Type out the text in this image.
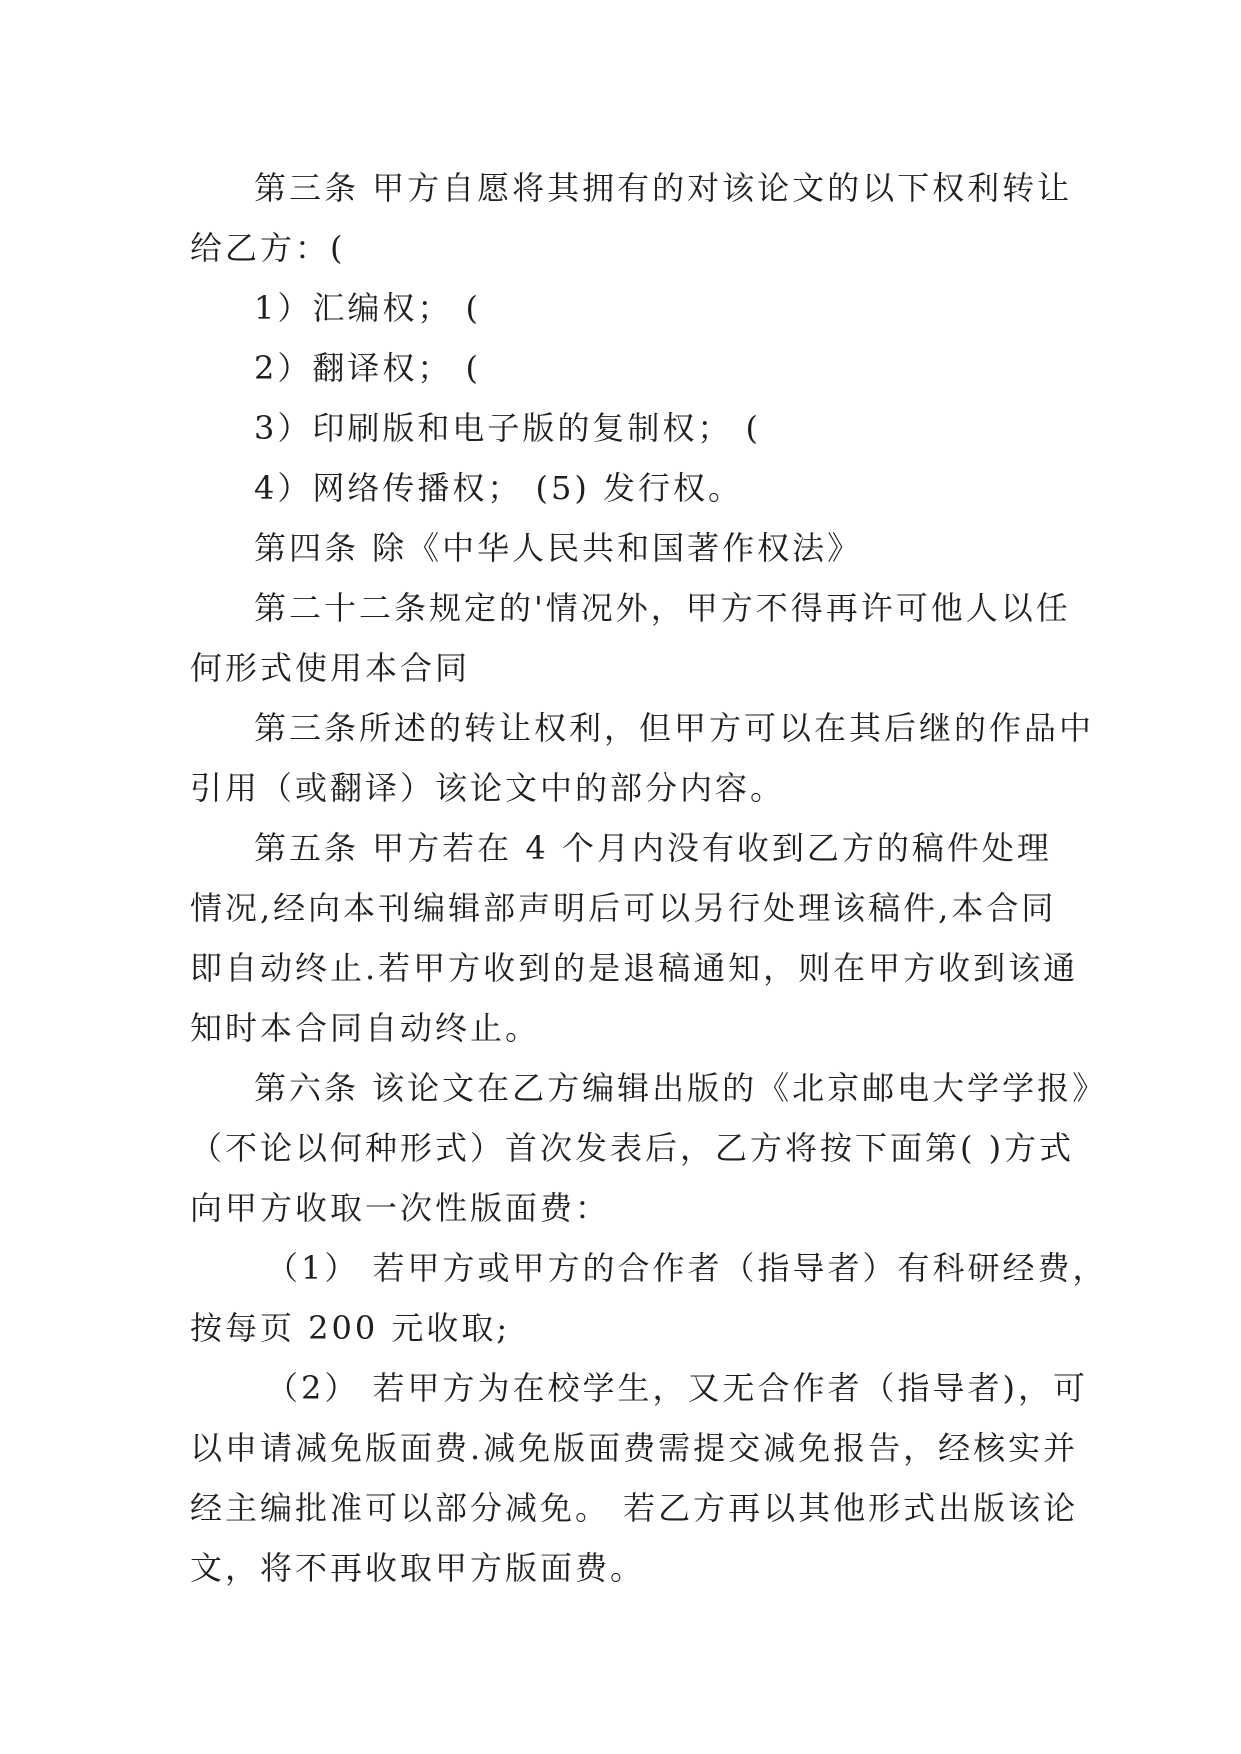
第三条 甲方自愿将其拥有的对该论文的以下权利转让
给乙方：(
1）汇编权； (
2）翻译权； (
3）印刷版和电子版的复制权； (
4）网络传播权； (5) 发行权。
第四条 除《中华人民共和国著作权法》
第二十二条规定的'情况外，甲方不得再许可他人以任
何形式使用本合同
第三条所述的转让权利，但甲方可以在其后继的作品中
引用（或翻译）该论文中的部分内容。
第五条 甲方若在 4 个月内没有收到乙方的稿件处理
情况,经向本刊编辑部声明后可以另行处理该稿件,本合同
即自动终止.若甲方收到的是退稿通知，则在甲方收到该通
知时本合同自动终止。
第六条 该论文在乙方编辑出版的《北京邮电大学学报》
（不论以何种形式）首次发表后，乙方将按下面第( )方式
向甲方收取一次性版面费：
（1） 若甲方或甲方的合作者（指导者）有科研经费，
按每页 200 元收取;
（2） 若甲方为在校学生，又无合作者（指导者)，可
以申请减免版面费.减免版面费需提交减免报告，经核实并
经主编批准可以部分减免。 若乙方再以其他形式出版该论
文，将不再收取甲方版面费。
